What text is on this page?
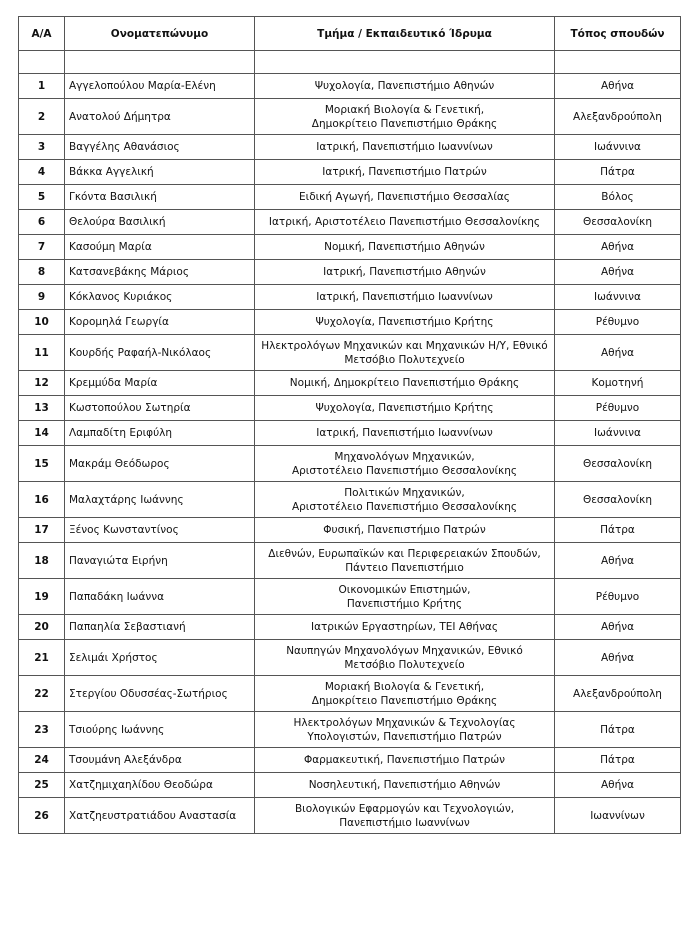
Α/Α	Ονοματεπώνυμο	Τμήμα / Εκπαιδευτικό Ίδρυμα	Τόπος σπουδών

1	Αγγελοπούλου Μαρία-Ελένη	Ψυχολογία, Πανεπιστήμιο Αθηνών	Αθήνα
2	Ανατολού Δήμητρα	Μοριακή Βιολογία & Γενετική,
Δημοκρίτειο Πανεπιστήμιο Θράκης	Αλεξανδρούπολη
3	Βαγγέλης Αθανάσιος	Ιατρική, Πανεπιστήμιο Ιωαννίνων	Ιωάννινα
4	Βάκκα Αγγελική	Ιατρική, Πανεπιστήμιο Πατρών	Πάτρα
5	Γκόντα Βασιλική	Ειδική Αγωγή, Πανεπιστήμιο Θεσσαλίας	Βόλος
6	Θελούρα Βασιλική	Ιατρική, Αριστοτέλειο Πανεπιστήμιο Θεσσαλονίκης	Θεσσαλονίκη
7	Κασούμη Μαρία	Νομική, Πανεπιστήμιο Αθηνών	Αθήνα
8	Κατσανεβάκης Μάριος	Ιατρική, Πανεπιστήμιο Αθηνών	Αθήνα
9	Κόκλανος Κυριάκος	Ιατρική, Πανεπιστήμιο Ιωαννίνων	Ιωάννινα
10	Κορομηλά Γεωργία	Ψυχολογία, Πανεπιστήμιο Κρήτης	Ρέθυμνο
11	Κουρδής Ραφαήλ-Νικόλαος	Ηλεκτρολόγων Μηχανικών και Μηχανικών Η/Υ, Εθνικό
Μετσόβιο Πολυτεχνείο	Αθήνα
12	Κρεμμύδα Μαρία	Νομική, Δημοκρίτειο Πανεπιστήμιο Θράκης	Κομοτηνή
13	Κωστοπούλου Σωτηρία	Ψυχολογία, Πανεπιστήμιο Κρήτης	Ρέθυμνο
14	Λαμπαδίτη Εριφύλη	Ιατρική, Πανεπιστήμιο Ιωαννίνων	Ιωάννινα
15	Μακράμ Θεόδωρος	Μηχανολόγων Μηχανικών,
Αριστοτέλειο Πανεπιστήμιο Θεσσαλονίκης	Θεσσαλονίκη
16	Μαλαχτάρης Ιωάννης	Πολιτικών Μηχανικών,
Αριστοτέλειο Πανεπιστήμιο Θεσσαλονίκης	Θεσσαλονίκη
17	Ξένος Κωνσταντίνος	Φυσική, Πανεπιστήμιο Πατρών	Πάτρα
18	Παναγιώτα Ειρήνη	Διεθνών, Ευρωπαϊκών και Περιφερειακών Σπουδών,
Πάντειο Πανεπιστήμιο	Αθήνα
19	Παπαδάκη Ιωάννα	Οικονομικών Επιστημών,
Πανεπιστήμιο Κρήτης	Ρέθυμνο
20	Παπαηλία Σεβαστιανή	Ιατρικών Εργαστηρίων, ΤΕΙ Αθήνας	Αθήνα
21	Σελιμάι Χρήστος	Ναυπηγών Μηχανολόγων Μηχανικών, Εθνικό
Μετσόβιο Πολυτεχνείο	Αθήνα
22	Στεργίου Οδυσσέας-Σωτήριος	Μοριακή Βιολογία & Γενετική,
Δημοκρίτειο Πανεπιστήμιο Θράκης	Αλεξανδρούπολη
23	Τσιούρης Ιωάννης	Ηλεκτρολόγων Μηχανικών & Τεχνολογίας
Υπολογιστών, Πανεπιστήμιο Πατρών	Πάτρα
24	Τσουμάνη Αλεξάνδρα	Φαρμακευτική, Πανεπιστήμιο Πατρών	Πάτρα
25	Χατζημιχαηλίδου Θεοδώρα	Νοσηλευτική, Πανεπιστήμιο Αθηνών	Αθήνα
26	Χατζηευστρατιάδου Αναστασία	Βιολογικών Εφαρμογών και Τεχνολογιών,
Πανεπιστήμιο Ιωαννίνων	Ιωαννίνων
